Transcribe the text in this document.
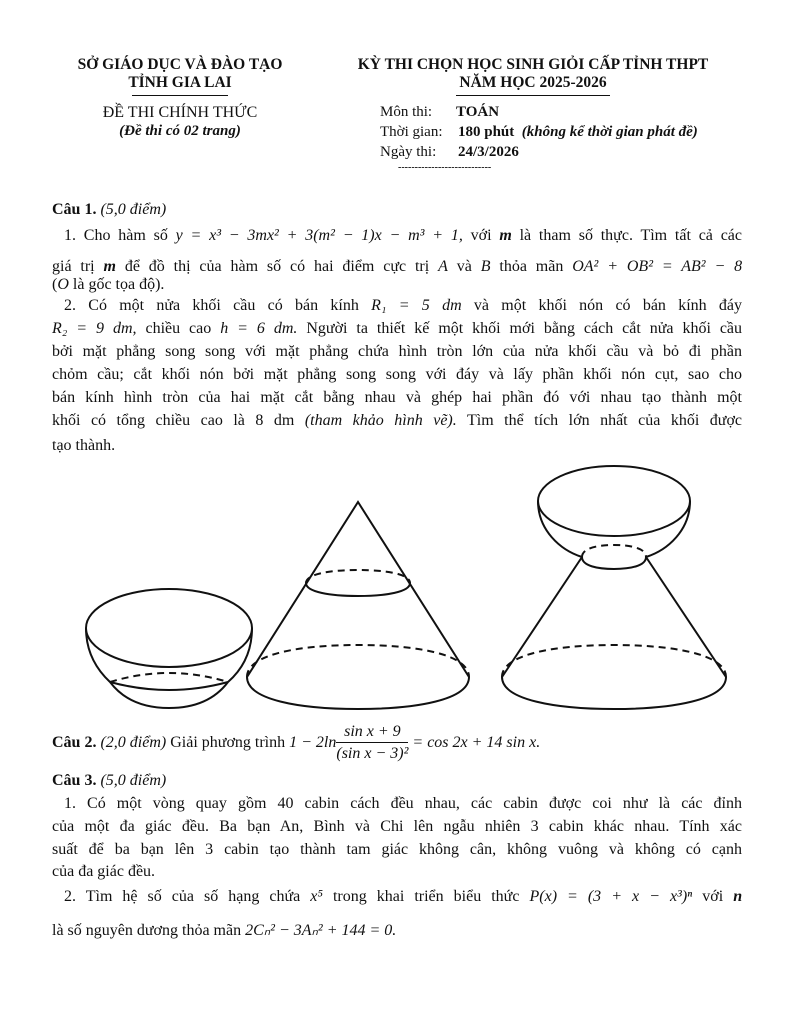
SỞ GIÁO DỤC VÀ ĐÀO TẠO
TỈNH GIA LAI
ĐỀ THI CHÍNH THỨC
(Đề thi có 02 trang)
KỲ THI CHỌN HỌC SINH GIỎI CẤP TỈNH THPT
NĂM HỌC 2025-2026
Môn thi: TOÁN
Thời gian: 180 phút (không kể thời gian phát đề)
Ngày thi: 24/3/2026
----------------------------
Câu 1. (5,0 điểm)
1. Cho hàm số y = x³ − 3mx² + 3(m² − 1)x − m³ + 1, với m là tham số thực. Tìm tất cả các
giá trị m để đồ thị của hàm số có hai điểm cực trị A và B thỏa mãn OA² + OB² = AB² − 8
(O là gốc tọa độ).
2. Có một nửa khối cầu có bán kính R₁ = 5 dm và một khối nón có bán kính đáy
R₂ = 9 dm, chiều cao h = 6 dm. Người ta thiết kế một khối mới bằng cách cắt nửa khối cầu
bởi mặt phẳng song song với mặt phẳng chứa hình tròn lớn của nửa khối cầu và bỏ đi phần
chỏm cầu; cắt khối nón bởi mặt phẳng song song với đáy và lấy phần khối nón cụt, sao cho
bán kính hình tròn của hai mặt cắt bằng nhau và ghép hai phần đó với nhau tạo thành một
khối có tổng chiều cao là 8 dm (tham khảo hình vẽ). Tìm thể tích lớn nhất của khối được
tạo thành.
Câu 2. (2,0 điểm) Giải phương trình $1 - 2\ln \frac{\text{sin x + 9}}{\text{(sin x − 3)²}} = \cos 2x + 14$ sin x.
Câu 3. (5,0 điểm)
1. Có một vòng quay gồm 40 cabin cách đều nhau, các cabin được coi như là các đỉnh
của một đa giác đều. Ba bạn An, Bình và Chi lên ngẫu nhiên 3 cabin khác nhau. Tính xác
suất để ba bạn lên 3 cabin tạo thành tam giác không cân, không vuông và không có cạnh
của đa giác đều.
2. Tìm hệ số của số hạng chứa x⁵ trong khai triển biểu thức P(x) = (3 + x − x³)ⁿ với n
là số nguyên dương thỏa mãn 2Cₙ² − 3Aₙ² + 144 = 0.
